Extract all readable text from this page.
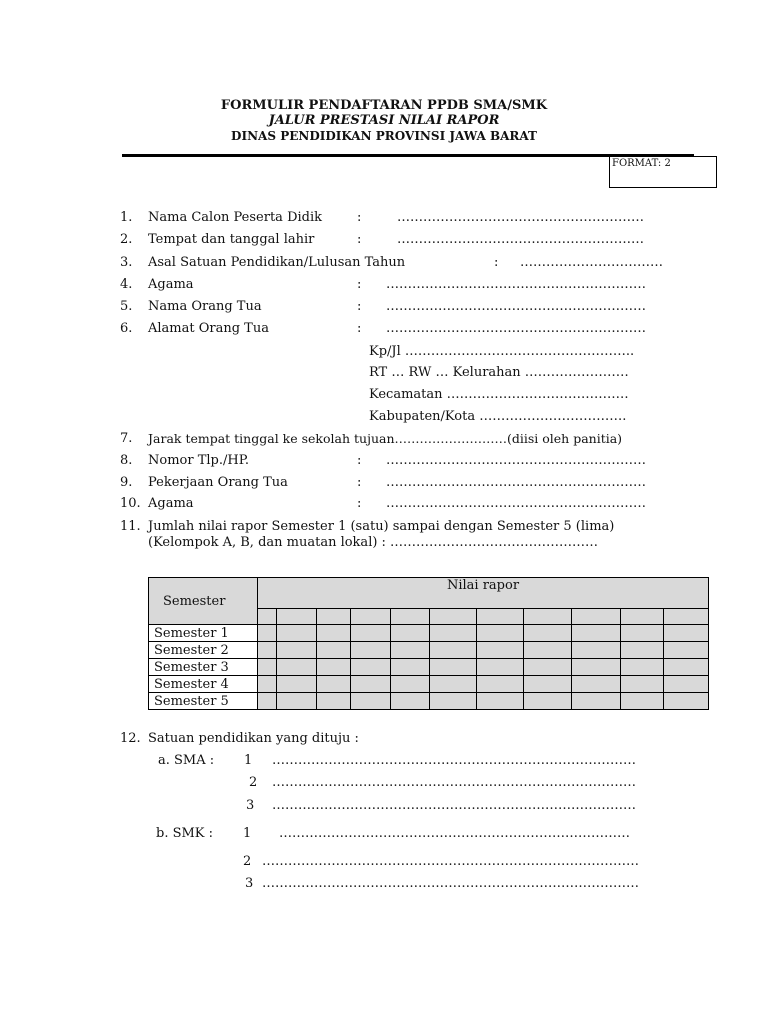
FORMULIR PENDAFTARAN PPDB SMA/SMK
JALUR PRESTASI NILAI RAPOR
DINAS PENDIDIKAN PROVINSI JAWA BARAT
FORMAT: 2
1. Nama Calon Peserta Didik	:	…………………………………………………
2. Tempat dan tanggal lahir	:	…………………………………………………
3. Asal Satuan Pendidikan/Lulusan Tahun	: ……………………………
4. Agama	: ……………………………………………………
5. Nama Orang Tua	: ……………………………………………………
6. Alamat Orang Tua	: ……………………………………………………
Kp/Jl ……………………………………………..
RT … RW … Kelurahan ……………………
Kecamatan ……………………………………
Kabupaten/Kota …………………………….
7. Jarak tempat tinggal ke sekolah tujuan………………………(diisi oleh panitia)
8. Nomor Tlp./HP.	: ……………………………………………………
9. Pekerjaan Orang Tua	: ……………………………………………………
10. Agama	: ……………………………………………………
11. Jumlah nilai rapor Semester 1 (satu) sampai dengan Semester 5 (lima)
(Kelompok A, B, dan muatan lokal) : …………………………………………
Semester	Nilai rapor										

Semester 1											
Semester 2											
Semester 3											
Semester 4											
Semester 5											
12. Satuan pendidikan yang dituju :
a. SMA : 1 …………………………………………………………………………
2 …………………………………………………………………………
3 …………………………………………………………………………
b. SMK : 1 ………………………………………………………………………
2 ……………………………………………………………………………
3 ……………………………………………………………………………
